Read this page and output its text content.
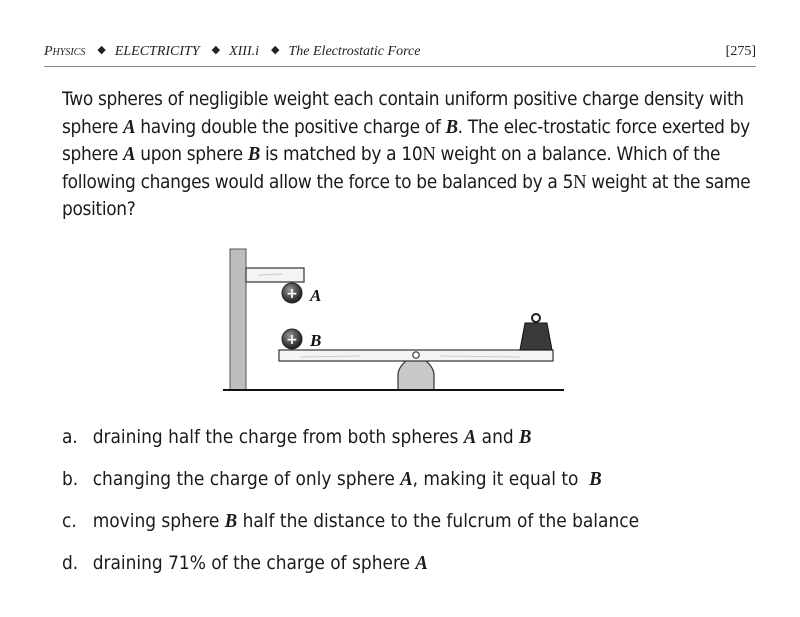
Physics ◆ ELECTRICITY ◆ XIII.i ◆ The Electrostatic Force	[275]
Two spheres of negligible weight each contain uniform positive charge density with sphere A having double the positive charge of B. The elec-trostatic force exerted by sphere A upon sphere B is matched by a 10N weight on a balance. Which of the following changes would allow the force to be balanced by a 5N weight at the same position?
+ A
+ B
a. draining half the charge from both spheres A and B
b. changing the charge of only sphere A, making it equal to  B
c. moving sphere B half the distance to the fulcrum of the balance
d. draining 71% of the charge of sphere A
